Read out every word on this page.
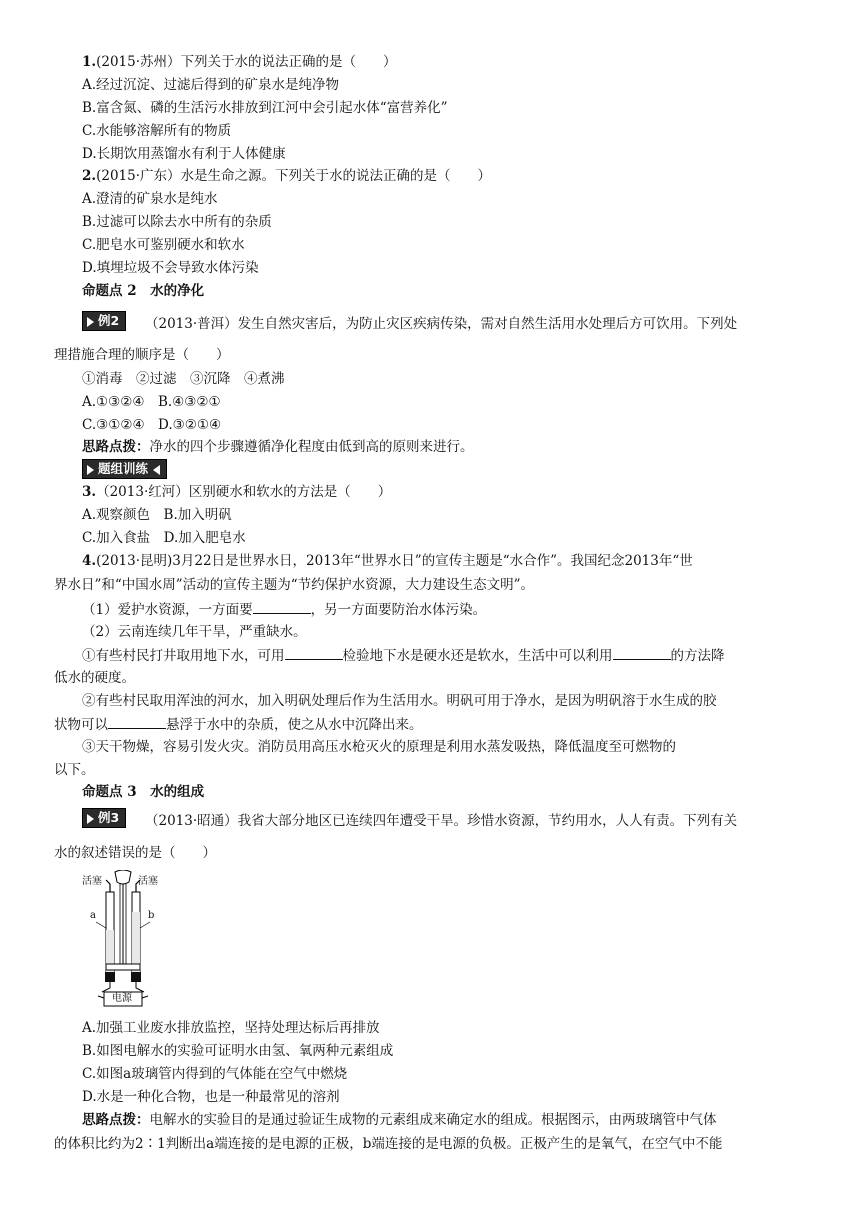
1.(2015·苏州）下列关于水的说法正确的是（　　）
A.经过沉淀、过滤后得到的矿泉水是纯净物
B.富含氮、磷的生活污水排放到江河中会引起水体“富营养化”
C.水能够溶解所有的物质
D.长期饮用蒸馏水有利于人体健康
2.(2015·广东）水是生命之源。下列关于水的说法正确的是（　　）
A.澄清的矿泉水是纯水
B.过滤可以除去水中所有的杂质
C.肥皂水可鉴别硬水和软水
D.填埋垃圾不会导致水体污染
命题点 2　水的净化
例2	（2013·普洱）发生自然灾害后，为防止灾区疾病传染，需对自然生活用水处理后方可饮用。下列处
理措施合理的顺序是（　　）
①消毒　②过滤　③沉降　④煮沸
A.①③②④　B.④③②①
C.③①②④　D.③②①④
思路点拨：净水的四个步骤遵循净化程度由低到高的原则来进行。
题组训练
3.（2013·红河）区别硬水和软水的方法是（　　）
A.观察颜色　B.加入明矾
C.加入食盐　D.加入肥皂水
4.(2013·昆明)3月22日是世界水日，2013年“世界水日”的宣传主题是“水合作”。我国纪念2013年“世
界水日”和“中国水周”活动的宣传主题为“节约保护水资源，大力建设生态文明”。
（1）爱护水资源，一方面要	，另一方面要防治水体污染。
（2）云南连续几年干旱，严重缺水。
①有些村民打井取用地下水，可用	检验地下水是硬水还是软水，生活中可以利用	的方法降
低水的硬度。
②有些村民取用浑浊的河水，加入明矾处理后作为生活用水。明矾可用于净水，是因为明矾溶于水生成的胶
状物可以	悬浮于水中的杂质，使之从水中沉降出来。
③天干物燥，容易引发火灾。消防员用高压水枪灭火的原理是利用水蒸发吸热，降低温度至可燃物的
以下。
命题点 3　水的组成
例3	（2013·昭通）我省大部分地区已连续四年遭受干旱。珍惜水资源，节约用水，人人有责。下列有关
水的叙述错误的是（　　）
活塞	活塞
a	b
电源
A.加强工业废水排放监控，坚持处理达标后再排放
B.如图电解水的实验可证明水由氢、氧两种元素组成
C.如图a玻璃管内得到的气体能在空气中燃烧
D.水是一种化合物，也是一种最常见的溶剂
思路点拨：电解水的实验目的是通过验证生成物的元素组成来确定水的组成。根据图示，由两玻璃管中气体
的体积比约为2∶1判断出a端连接的是电源的正极，b端连接的是电源的负极。正极产生的是氧气，在空气中不能
